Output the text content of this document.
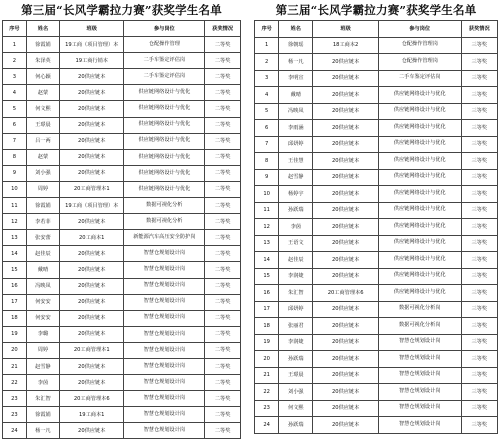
第三届“长风学霸拉力赛”获奖学生名单
序号	姓名	班级	参与岗位	获奖情况
1	徐霞娟	19工商（项目管理）本	仓配操作管理	二等奖
2	朱泽英	19工商行销本	二手车鉴定评估岗	二等奖
3	何心颖	20供应链本	二手车鉴定评估岗	二等奖
4	赵蒙	20供应链本	供应链网络设计与优化	二等奖
5	何文熙	20供应链本	供应链网络设计与优化	二等奖
6	王璟晨	20供应链本	供应链网络设计与优化	二等奖
7	吕一两	20供应链本	供应链网络设计与优化	二等奖
8	赵蒙	20供应链本	供应链网络设计与优化	二等奖
9	刘小强	20供应链本	供应链网络设计与优化	二等奖
10	周婷	20工商管理本1	供应链网络设计与优化	二等奖
11	徐霞娟	19工商（项目管理）本	数据可视化分析	二等奖
12	李若菲	20供应链本	数据可视化分析	二等奖
13	张安蕾	20工商本1	新能源汽车高压安全防护岗	二等奖
14	赵佳辰	20供应链本	智慧仓规划设计岗	二等奖
15	戴晴	20供应链本	智慧仓规划设计岗	二等奖
16	冯映凤	20供应链本	智慧仓规划设计岗	二等奖
17	何安安	20供应链本	智慧仓规划设计岗	二等奖
18	何安安	20供应链本	智慧仓规划设计岗	二等奖
19	李璐	20供应链本	智慧仓规划设计岗	二等奖
20	周婷	20工商管理本1	智慧仓规划设计岗	二等奖
21	赵雪静	20供应链本	智慧仓规划设计岗	二等奖
22	李茵	20供应链本	智慧仓规划设计岗	二等奖
23	朱汇智	20工商管理本6	智慧仓规划设计岗	二等奖
23	徐霞娟	19工商本1	智慧仓规划设计岗	二等奖
24	杨一凡	20供应链本	智慧仓规划设计岗	二等奖
第三届“长风学霸拉力赛”获奖学生名单
序号	姓名	班级	参与岗位	获奖情况
1	徐朝瑶	18工商本2	仓配操作管理岗	三等奖
2	杨一凡	20供应链本	仓配操作管理岗	三等奖
3	李明宣	20供应链本	二手车鉴定评估岗	三等奖
4	戴晴	20供应链本	供应链网络设计与优化	三等奖
5	冯映凤	20供应链本	供应链网络设计与优化	三等奖
6	李雨涵	20供应链本	供应链网络设计与优化	三等奖
7	邱妍婷	20供应链本	供应链网络设计与优化	三等奖
8	王佳慧	20供应链本	供应链网络设计与优化	三等奖
9	赵雪静	20供应链本	供应链网络设计与优化	三等奖
10	杨婷宇	20供应链本	供应链网络设计与优化	三等奖
11	孙跃瑞	20供应链本	供应链网络设计与优化	三等奖
12	李茵	20供应链本	供应链网络设计与优化	三等奖
13	王语文	20供应链本	供应链网络设计与优化	三等奖
14	赵佳辰	20供应链本	供应链网络设计与优化	三等奖
15	李润婕	20供应链本	供应链网络设计与优化	三等奖
16	朱汇智	20工商管理本6	供应链网络设计与优化	三等奖
17	邱妍婷	20供应链本	数据可视化分析岗	三等奖
18	张丽君	20供应链本	数据可视化分析岗	三等奖
19	李润婕	20供应链本	智慧仓规划设计岗	三等奖
20	孙跃瑞	20供应链本	智慧仓规划设计岗	三等奖
21	王璟晨	20供应链本	智慧仓规划设计岗	三等奖
22	刘小强	20供应链本	智慧仓规划设计岗	三等奖
23	何文熙	20供应链本	智慧仓规划设计岗	三等奖
24	孙跃瑞	20供应链本	智慧仓规划设计岗	三等奖
